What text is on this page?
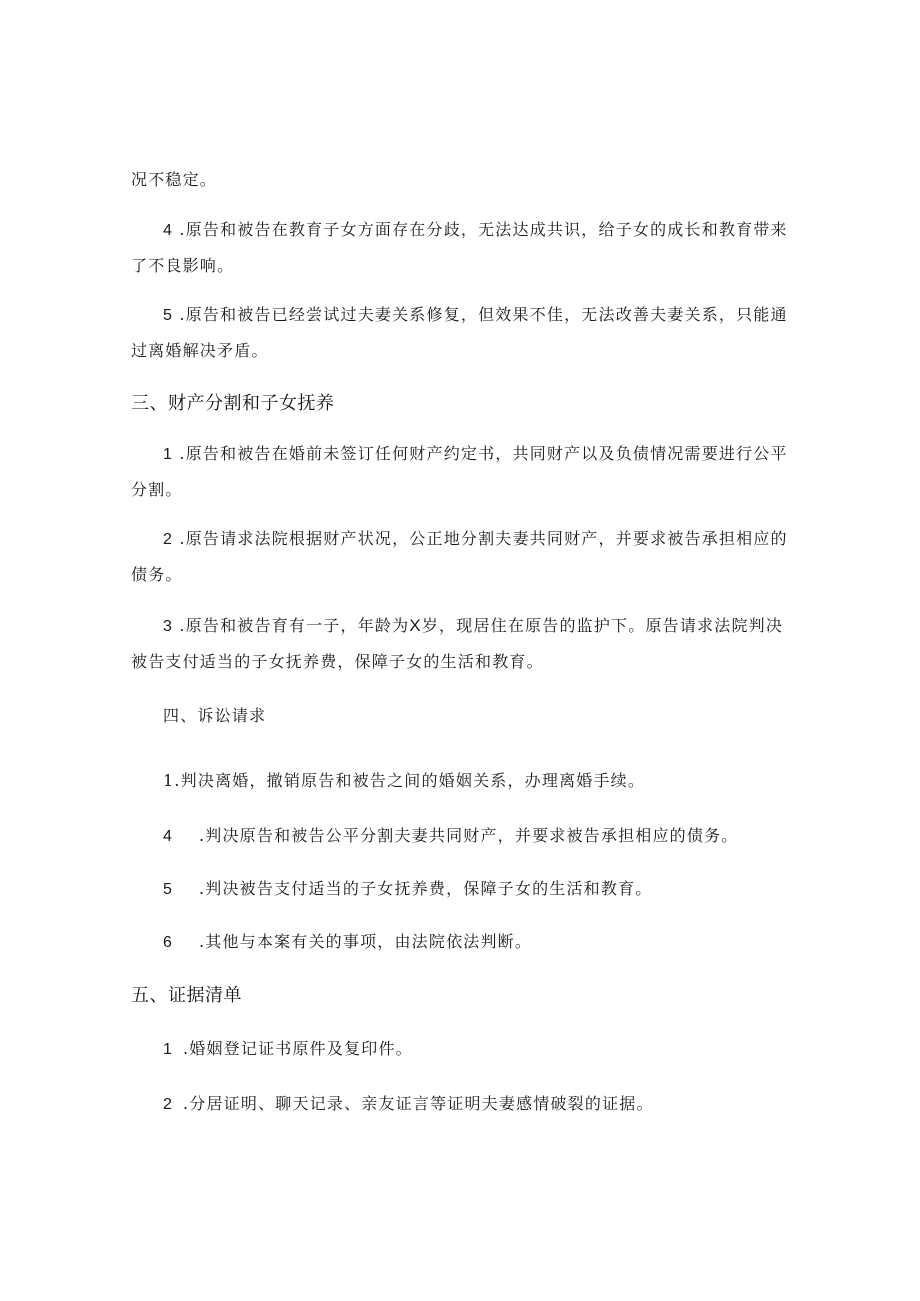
况不稳定。
4 .原告和被告在教育子女方面存在分歧，无法达成共识，给子女的成长和教育带来
了不良影响。
5 .原告和被告已经尝试过夫妻关系修复，但效果不佳，无法改善夫妻关系，只能通
过离婚解决矛盾。
三、财产分割和子女抚养
1 .原告和被告在婚前未签订任何财产约定书，共同财产以及负债情况需要进行公平
分割。
2 .原告请求法院根据财产状况，公正地分割夫妻共同财产，并要求被告承担相应的
债务。
3 .原告和被告育有一子，年龄为X岁，现居住在原告的监护下。原告请求法院判决
被告支付适当的子女抚养费，保障子女的生活和教育。
四、诉讼请求
1.判决离婚，撤销原告和被告之间的婚姻关系，办理离婚手续。
4 .判决原告和被告公平分割夫妻共同财产，并要求被告承担相应的债务。
5 .判决被告支付适当的子女抚养费，保障子女的生活和教育。
6 .其他与本案有关的事项，由法院依法判断。
五、证据清单
1 .婚姻登记证书原件及复印件。
2 .分居证明、聊天记录、亲友证言等证明夫妻感情破裂的证据。
